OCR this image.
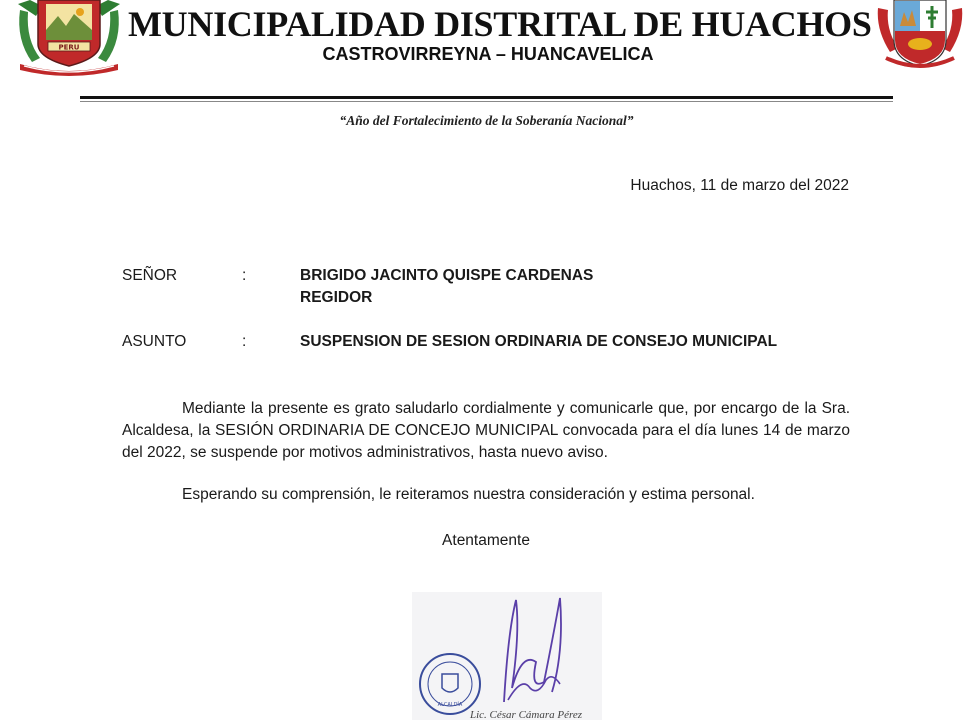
PERU
MUNICIPALIDAD DISTRITAL DE HUACHOS
CASTROVIRREYNA – HUANCAVELICA
“Año del Fortalecimiento de la Soberanía Nacional”
Huachos, 11 de marzo del 2022
SEÑOR	:	BRIGIDO JACINTO QUISPE CARDENAS
REGIDOR
ASUNTO	:	SUSPENSION DE SESION ORDINARIA DE CONSEJO MUNICIPAL
Mediante la presente es grato saludarlo cordialmente y comunicarle que, por encargo de la Sra. Alcaldesa, la SESIÓN ORDINARIA DE CONCEJO MUNICIPAL convocada para el día lunes 14 de marzo del 2022, se suspende por motivos administrativos, hasta nuevo aviso.
Esperando su comprensión, le reiteramos nuestra consideración y estima personal.
Atentamente
ALCALDÍA
Lic. César Cámara Pérez
